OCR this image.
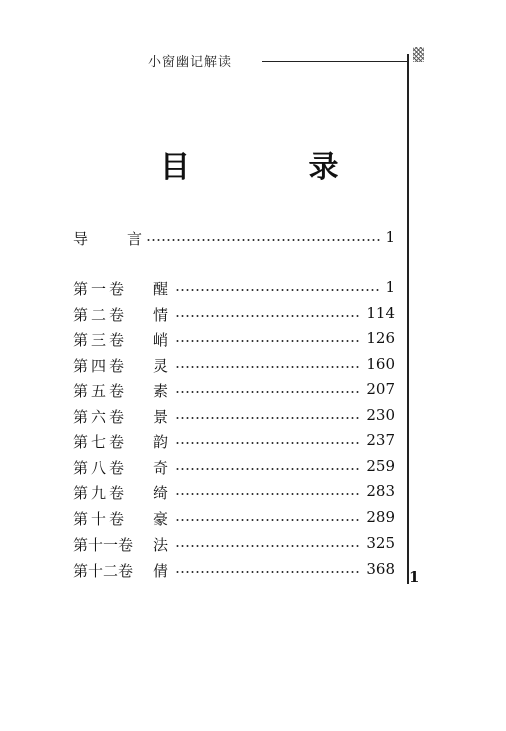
小窗幽记解读
目 录
导　　言	1
第一卷 醒	1
第二卷 情	114
第三卷 峭	126
第四卷 灵	160
第五卷 素	207
第六卷 景	230
第七卷 韵	237
第八卷 奇	259
第九卷 绮	283
第十卷 豪	289
第十一卷 法	325
第十二卷 倩	368 1
